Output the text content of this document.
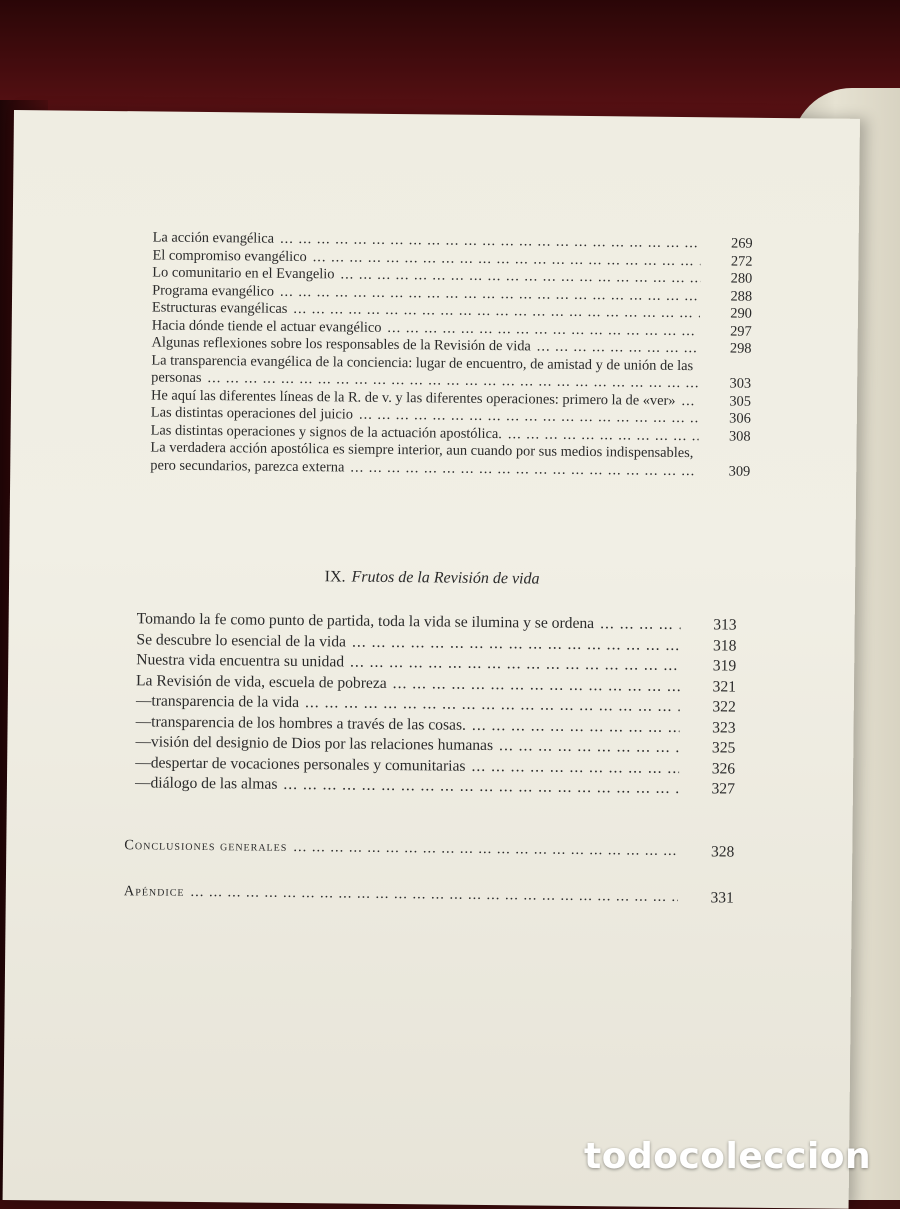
La acción evangélica ... .	269
El compromiso evangélico ... .	272
Lo comunitario en el Evangelio ... .	280
Programa evangélico ... .	288
Estructuras evangélicas ... .	290
Hacia dónde tiende el actuar evangélico ... .	297
Algunas reflexiones sobre los responsables de la Revisión de vida ... .	298
La transparencia evangélica de la conciencia: lugar de encuentro, de amistad y de unión de las personas ... .	303
He aquí las diferentes líneas de la R. de v. y las diferentes operaciones: primero la de «ver» ... .	305
Las distintas operaciones del juicio ... .	306
Las distintas operaciones y signos de la actuación apostólica. ... .	308
La verdadera acción apostólica es siempre interior, aun cuando por sus medios indispensables, pero secundarios, parezca externa ... .	309
IX. Frutos de la Revisión de vida
Tomando la fe como punto de partida, toda la vida se ilumina y se ordena ... .	313
Se descubre lo esencial de la vida ... .	318
Nuestra vida encuentra su unidad ... .	319
La Revisión de vida, escuela de pobreza ... .	321
—transparencia de la vida ... .	322
—transparencia de los hombres a través de las cosas. ... .	323
—visión del designio de Dios por las relaciones humanas ... .	325
—despertar de vocaciones personales y comunitarias ... .	326
—diálogo de las almas ... .	327
Conclusiones generales ... .	328
Apéndice ... .	331
todocoleccion
